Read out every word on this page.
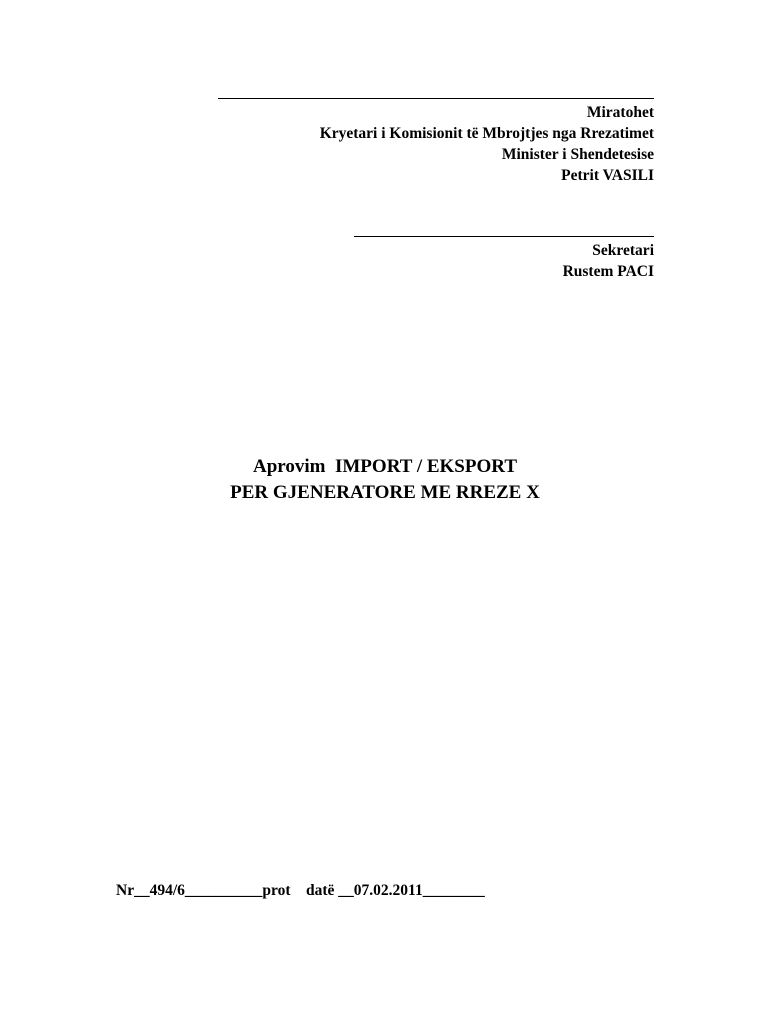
Miratohet
Kryetari i Komisionit të Mbrojtjes nga Rrezatimet
Minister i Shendetesise
Petrit VASILI
Sekretari
Rustem PACI
Aprovim  IMPORT / EKSPORT
PER GJENERATORE ME RREZE X
Nr__494/6__________prot    datë __07.02.2011________
